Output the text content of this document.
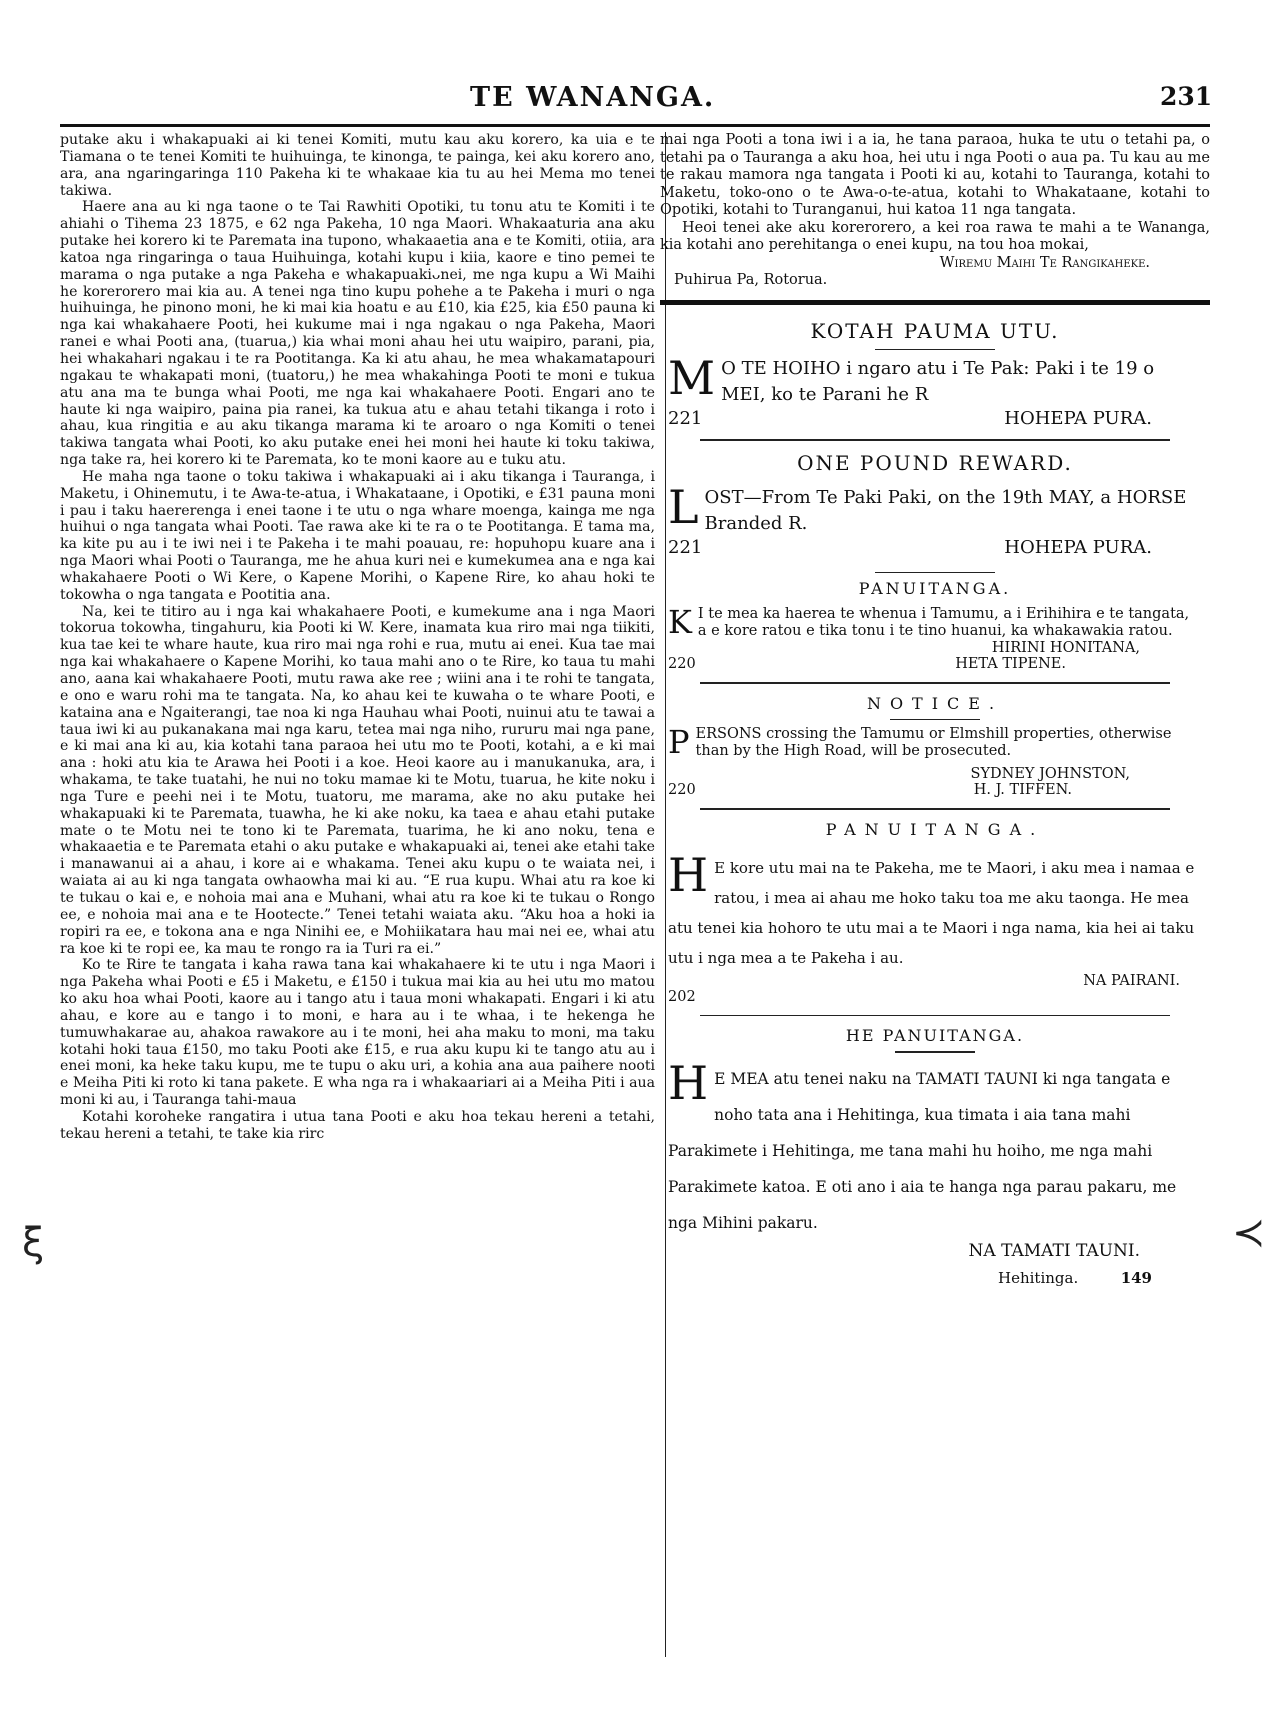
TE WANANGA.	231

putake aku i whakapuaki ai ki tenei Komiti, mutu kau aku korero, ka uia e te Tiamana o te tenei Komiti te huihuinga, te kinonga, te painga, kei aku korero ano, ara, ana ngaringaringa 110 Pakeha ki te whakaae kia tu au hei Mema mo tenei takiwa.

Haere ana au ki nga taone o te Tai Rawhiti Opotiki, tu tonu atu te Komiti i te ahiahi o Tihema 23 1875, e 62 nga Pakeha, 10 nga Maori. Whakaaturia ana aku putake hei korero ki te Paremata ina tupono, whakaaetia ana e te Komiti, otiia, ara katoa nga ringaringa o taua Huihuinga, kotahi kupu i kiia, kaore e tino pemei te marama o nga putake a nga Pakeha e whakapuakiᴗnei, me nga kupu a Wi Maihi he korerorero mai kia au. A tenei nga tino kupu pohehe a te Pakeha i muri o nga huihuinga, he pinono moni, he ki mai kia hoatu e au £10, kia £25, kia £50 pauna ki nga kai whakahaere Pooti, hei kukume mai i nga ngakau o nga Pakeha, Maori ranei e whai Pooti ana, (tuarua,) kia whai moni ahau hei utu waipiro, parani, pia, hei whakahari ngakau i te ra Pootitanga. Ka ki atu ahau, he mea whakamatapouri ngakau te whakapati moni, (tuatoru,) he mea whakahinga Pooti te moni e tukua atu ana ma te bunga whai Pooti, me nga kai whakahaere Pooti. Engari ano te haute ki nga waipiro, paina pia ranei, ka tukua atu e ahau tetahi tikanga i roto i ahau, kua ringitia e au aku tikanga marama ki te aroaro o nga Komiti o tenei takiwa tangata whai Pooti, ko aku putake enei hei moni hei haute ki toku takiwa, nga take ra, hei korero ki te Paremata, ko te moni kaore au e tuku atu.

He maha nga taone o toku takiwa i whakapuaki ai i aku tikanga i Tauranga, i Maketu, i Ohinemutu, i te Awa-te-atua, i Whakataane, i Opotiki, e £31 pauna moni i pau i taku haererenga i enei taone i te utu o nga whare moenga, kainga me nga huihui o nga tangata whai Pooti. Tae rawa ake ki te ra o te Pootitanga. E tama ma, ka kite pu au i te iwi nei i te Pakeha i te mahi poauau, re: hopuhopu kuare ana i nga Maori whai Pooti o Tauranga, me he ahua kuri nei e kumekumea ana e nga kai whakahaere Pooti o Wi Kere, o Kapene Morihi, o Kapene Rire, ko ahau hoki te tokowha o nga tangata e Pootitia ana.

Na, kei te titiro au i nga kai whakahaere Pooti, e kumekume ana i nga Maori tokorua tokowha, tingahuru, kia Pooti ki W. Kere, inamata kua riro mai nga tiikiti, kua tae kei te whare haute, kua riro mai nga rohi e rua, mutu ai enei. Kua tae mai nga kai whakahaere o Kapene Morihi, ko taua mahi ano o te Rire, ko taua tu mahi ano, aana kai whakahaere Pooti, mutu rawa ake ree ; wiini ana i te rohi te tangata, e ono e waru rohi ma te tangata. Na, ko ahau kei te kuwaha o te whare Pooti, e kataina ana e Ngaiterangi, tae noa ki nga Hauhau whai Pooti, nuinui atu te tawai a taua iwi ki au pukanakana mai nga karu, tetea mai nga niho, rururu mai nga pane, e ki mai ana ki au, kia kotahi tana paraoa hei utu mo te Pooti, kotahi, a e ki mai ana : hoki atu kia te Arawa hei Pooti i a koe. Heoi kaore au i manukanuka, ara, i whakama, te take tuatahi, he nui no toku mamae ki te Motu, tuarua, he kite noku i nga Ture e peehi nei i te Motu, tuatoru, me marama, ake no aku putake hei whakapuaki ki te Paremata, tuawha, he ki ake noku, ka taea e ahau etahi putake mate o te Motu nei te tono ki te Paremata, tuarima, he ki ano noku, tena e whakaaetia e te Paremata etahi o aku putake e whakapuaki ai, tenei ake etahi take i manawanui ai a ahau, i kore ai e whakama. Tenei aku kupu o te waiata nei, i waiata ai au ki nga tangata owhaowha mai ki au. “E rua kupu. Whai atu ra koe ki te tukau o kai e, e nohoia mai ana e Muhani, whai atu ra koe ki te tukau o Rongo ee, e nohoia mai ana e te Hootecte.” Tenei tetahi waiata aku. “Aku hoa a hoki ia ropiri ra ee, e tokona ana e nga Ninihi ee, e Mohiikatara hau mai nei ee, whai atu ra koe ki te ropi ee, ka mau te rongo ra ia Turi ra ei.”

Ko te Rire te tangata i kaha rawa tana kai whakahaere ki te utu i nga Maori i nga Pakeha whai Pooti e £5 i Maketu, e £150 i tukua mai kia au hei utu mo matou ko aku hoa whai Pooti, kaore au i tango atu i taua moni whakapati. Engari i ki atu ahau, e kore au e tango i to moni, e hara au i te whaa, i te hekenga he tumuwhakarae au, ahakoa rawakore au i te moni, hei aha maku to moni, ma taku kotahi hoki taua £150, mo taku Pooti ake £15, e rua aku kupu ki te tango atu au i enei moni, ka heke taku kupu, me te tupu o aku uri, a kohia ana aua paihere nooti e Meiha Piti ki roto ki tana pakete. E wha nga ra i whakaariari ai a Meiha Piti i aua moni ki au, i Tauranga tahi-maua

Kotahi koroheke rangatira i utua tana Pooti e aku hoa tekau hereni a tetahi, tekau hereni a tetahi, te take kia rirc

mai nga Pooti a tona iwi i a ia, he tana paraoa, huka te utu o tetahi pa, o tetahi pa o Tauranga a aku hoa, hei utu i nga Pooti o aua pa. Tu kau au me te rakau mamora nga tangata i Pooti ki au, kotahi to Tauranga, kotahi to Maketu, toko-ono o te Awa-o-te-atua, kotahi to Whakataane, kotahi to Opotiki, kotahi to Turanganui, hui katoa 11 nga tangata.

Heoi tenei ake aku korerorero, a kei roa rawa te mahi a te Wananga, kia kotahi ano perehitanga o enei kupu, na tou hoa mokai,

Wiremu Maihi Te Rangikaheke.
Puhirua Pa, Rotorua.
KOTAH PAUMA UTU.
M O TE HOIHO i ngaro atu i Te Pak: Paki i te 19 o MEI, ko te Parani he R
221	HOHEPA PURA.
ONE POUND REWARD.
L OST—From Te Paki Paki, on the 19th MAY, a HORSE Branded R.
221	HOHEPA PURA.
PANUITANGA.
K I te mea ka haerea te whenua i Tamumu, a i Erihihira e te tangata, a e kore ratou e tika tonu i te tino huanui, ka whakawakia ratou.
HIRINI HONITANA,
220	HETA TIPENE.
NOTICE.
P ERSONS crossing the Tamumu or Elmshill properties, otherwise than by the High Road, will be prosecuted.
SYDNEY JOHNSTON,
220	H. J. TIFFEN.
PANUITANGA.
H E kore utu mai na te Pakeha, me te Maori, i aku mea i namaa e ratou, i mea ai ahau me hoko taku toa me aku taonga. He mea atu tenei kia hohoro te utu mai a te Maori i nga nama, kia hei ai taku utu i nga mea a te Pakeha i au.
NA PAIRANI.
202
HE PANUITANGA.
H E MEA atu tenei naku na TAMATI TAUNI ki nga tangata e noho tata ana i Hehitinga, kua timata i aia tana mahi Parakimete i Hehitinga, me tana mahi hu hoiho, me nga mahi Parakimete katoa. E oti ano i aia te hanga nga parau pakaru, me nga Mihini pakaru.
NA TAMATI TAUNI.
Hehitinga.	149
ξ	≺
